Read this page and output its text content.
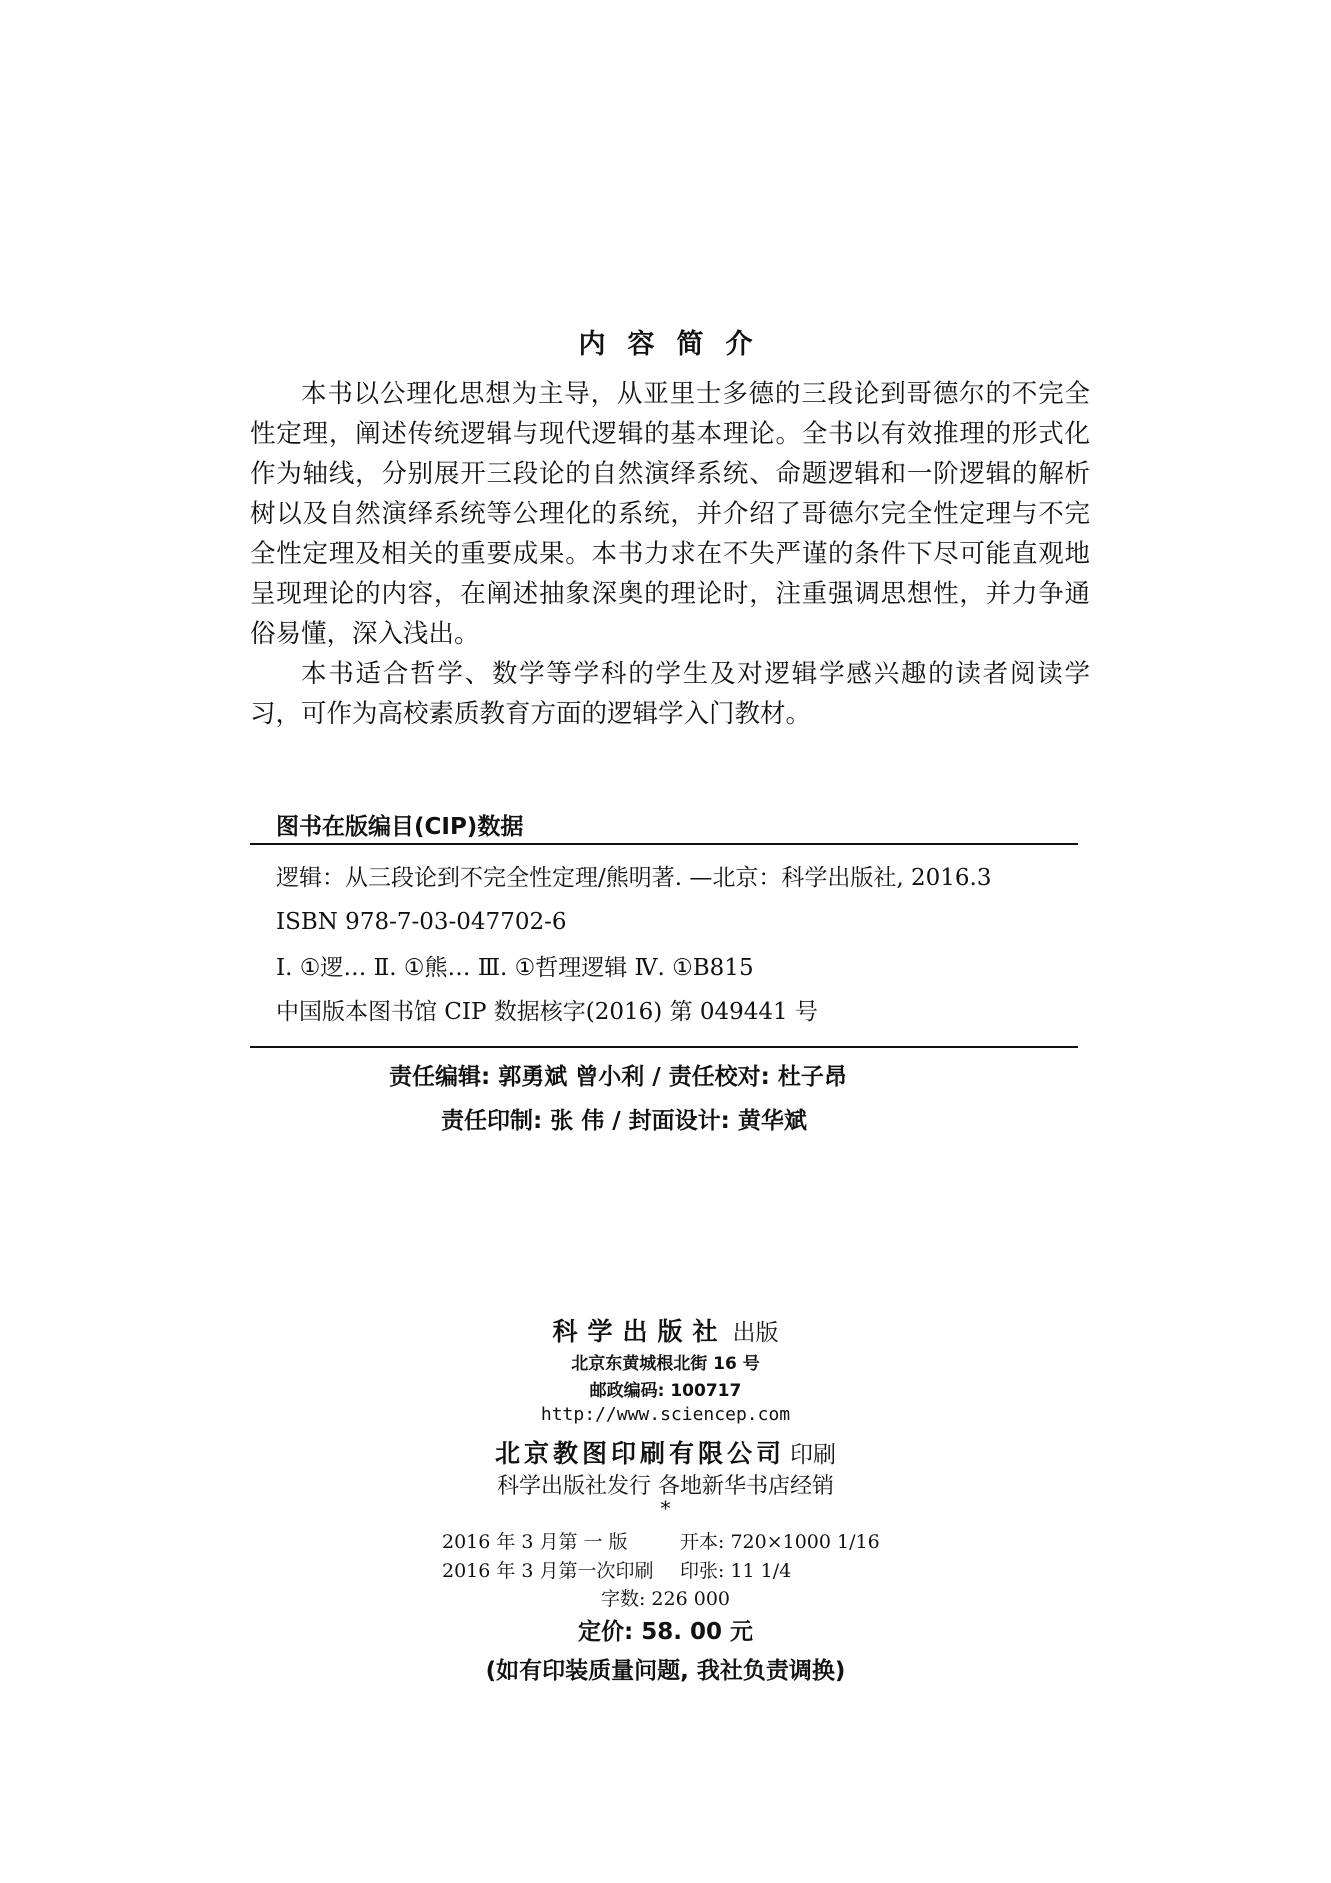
内容简介

本书以公理化思想为主导，从亚里士多德的三段论到哥德尔的不完全性定理，阐述传统逻辑与现代逻辑的基本理论。全书以有效推理的形式化作为轴线，分别展开三段论的自然演绎系统、命题逻辑和一阶逻辑的解析树以及自然演绎系统等公理化的系统，并介绍了哥德尔完全性定理与不完全性定理及相关的重要成果。本书力求在不失严谨的条件下尽可能直观地呈现理论的内容，在阐述抽象深奥的理论时，注重强调思想性，并力争通俗易懂，深入浅出。

本书适合哲学、数学等学科的学生及对逻辑学感兴趣的读者阅读学习，可作为高校素质教育方面的逻辑学入门教材。

图书在版编目(CIP)数据
逻辑：从三段论到不完全性定理/熊明著. —北京：科学出版社, 2016.3
ISBN 978-7-03-047702-6
Ⅰ. ①逻… Ⅱ. ①熊… Ⅲ. ①哲理逻辑 Ⅳ. ①B815
中国版本图书馆 CIP 数据核字(2016) 第 049441 号
责任编辑: 郭勇斌 曾小利 / 责任校对: 杜子昂
责任印制: 张 伟 / 封面设计: 黄华斌
科学出版社 出版
北京东黄城根北街 16 号
邮政编码: 100717
http://www.sciencep.com
北京教图印刷有限公司 印刷
科学出版社发行 各地新华书店经销
*
2016 年 3 月第 一 版	开本: 720×1000 1/16
2016 年 3 月第一次印刷 印张: 11 1/4
字数: 226 000
定价: 58. 00 元
(如有印装质量问题, 我社负责调换)
